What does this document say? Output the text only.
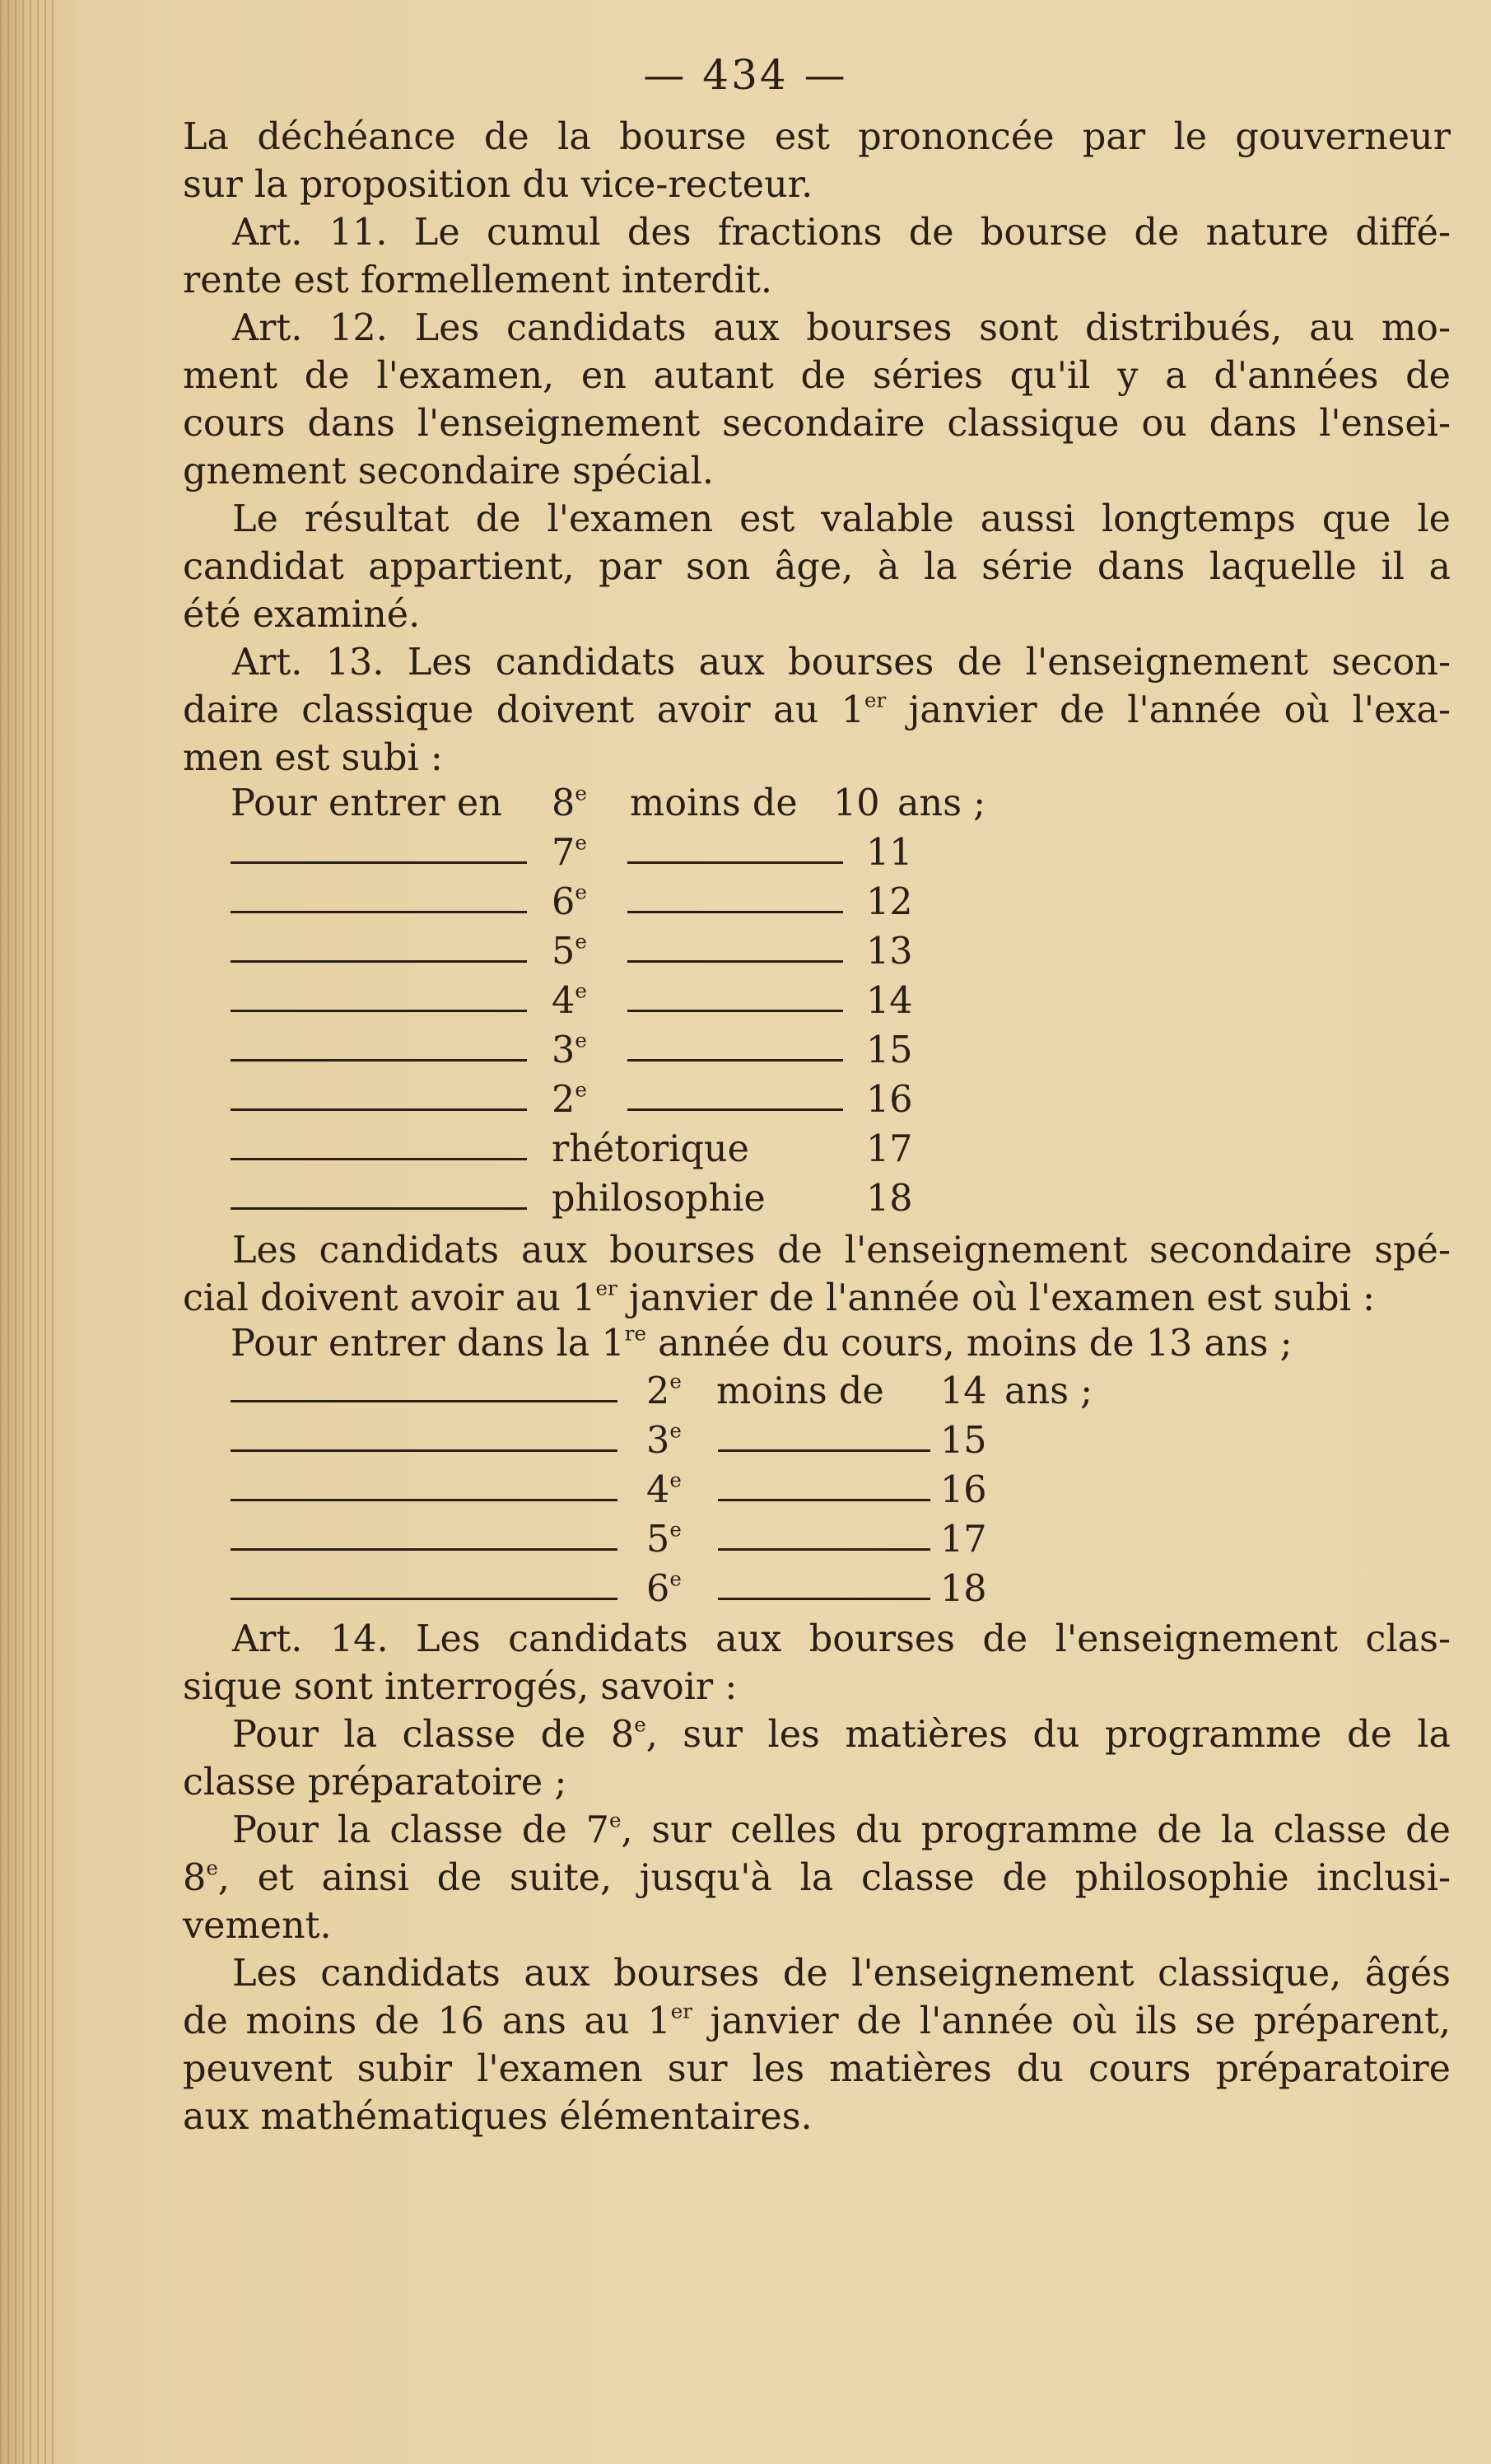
— 434 —
La déchéance de la bourse est prononcée par le gouverneur
sur la proposition du vice-recteur.
Art. 11. Le cumul des fractions de bourse de nature diffé-
rente est formellement interdit.
Art. 12. Les candidats aux bourses sont distribués, au mo-
ment de l'examen, en autant de séries qu'il y a d'années de
cours dans l'enseignement secondaire classique ou dans l'ensei-
gnement secondaire spécial.
Le résultat de l'examen est valable aussi longtemps que le
candidat appartient, par son âge, à la série dans laquelle il a
été examiné.
Art. 13. Les candidats aux bourses de l'enseignement secon-
daire classique doivent avoir au 1er janvier de l'année où l'exa-
men est subi :
Pour entrer en 8e moins de 10 ans ;
7e	11
6e	12
5e	13
4e	14
3e	15
2e	16
rhétorique	17
philosophie	18
Les candidats aux bourses de l'enseignement secondaire spé-
cial doivent avoir au 1er janvier de l'année où l'examen est subi :
Pour entrer dans la 1re année du cours, moins de 13 ans ;
2e moins de 14 ans ;
3e	15
4e	16
5e	17
6e	18
Art. 14. Les candidats aux bourses de l'enseignement clas-
sique sont interrogés, savoir :
Pour la classe de 8e, sur les matières du programme de la
classe préparatoire ;
Pour la classe de 7e, sur celles du programme de la classe de
8e, et ainsi de suite, jusqu'à la classe de philosophie inclusi-
vement.
Les candidats aux bourses de l'enseignement classique, âgés
de moins de 16 ans au 1er janvier de l'année où ils se préparent,
peuvent subir l'examen sur les matières du cours préparatoire
aux mathématiques élémentaires.
